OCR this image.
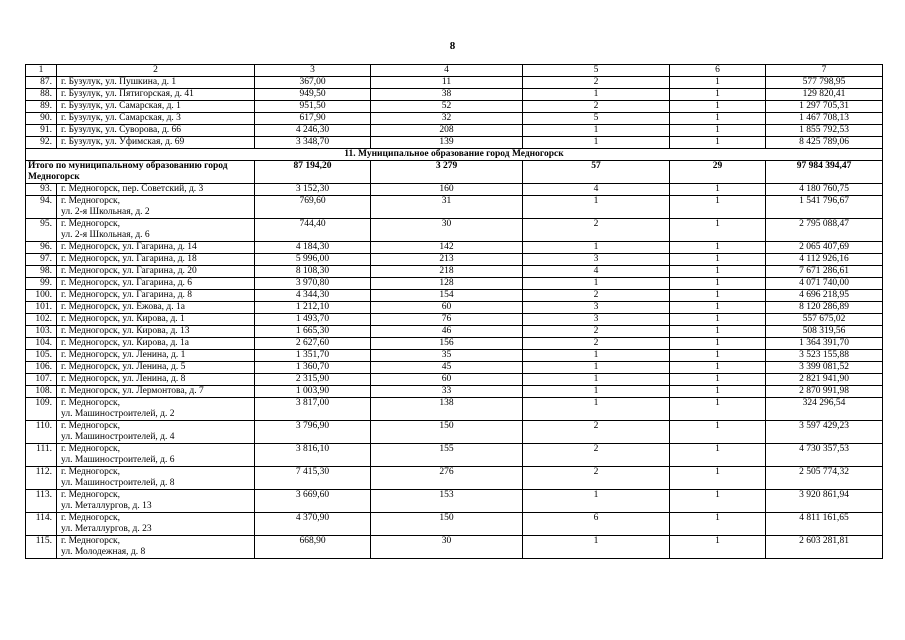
8
1	2	3	4	5	6	7
87.	г. Бузулук, ул. Пушкина, д. 1	367,00	11	2	1	577 798,95
88.	г. Бузулук, ул. Пятигорская, д. 41	949,50	38	1	1	129 820,41
89.	г. Бузулук, ул. Самарская, д. 1	951,50	52	2	1	1 297 705,31
90.	г. Бузулук, ул. Самарская, д. 3	617,90	32	5	1	1 467 708,13
91.	г. Бузулук, ул. Суворова, д. 66	4 246,30	208	1	1	1 855 792,53
92.	г. Бузулук, ул. Уфимская, д. 69	3 348,70	139	1	1	8 425 789,06
11. Муниципальное образование город Медногорск						
Итого по муниципальному образованию город Медногорск		87 194,20	3 279	57	29	97 984 394,47
93.	г. Медногорск, пер. Советский, д. 3	3 152,30	160	4	1	4 180 760,75
94.	г. Медногорск,
ул. 2-я Школьная, д. 2	769,60	31	1	1	1 541 796,67
95.	г. Медногорск,
ул. 2-я Школьная, д. 6	744,40	30	2	1	2 795 088,47
96.	г. Медногорск, ул. Гагарина, д. 14	4 184,30	142	1	1	2 065 407,69
97.	г. Медногорск, ул. Гагарина, д. 18	5 996,00	213	3	1	4 112 926,16
98.	г. Медногорск, ул. Гагарина, д. 20	8 108,30	218	4	1	7 671 286,61
99.	г. Медногорск, ул. Гагарина, д. 6	3 970,80	128	1	1	4 071 740,00
100.	г. Медногорск, ул. Гагарина, д. 8	4 344,30	154	2	1	4 696 218,95
101.	г. Медногорск, ул. Ежова, д. 1а	1 212,10	60	3	1	8 120 286,89
102.	г. Медногорск, ул. Кирова, д. 1	1 493,70	76	3	1	557 675,02
103.	г. Медногорск, ул. Кирова, д. 13	1 665,30	46	2	1	508 319,56
104.	г. Медногорск, ул. Кирова, д. 1а	2 627,60	156	2	1	1 364 391,70
105.	г. Медногорск, ул. Ленина, д. 1	1 351,70	35	1	1	3 523 155,88
106.	г. Медногорск, ул. Ленина, д. 5	1 360,70	45	1	1	3 399 081,52
107.	г. Медногорск, ул. Ленина, д. 8	2 315,90	60	1	1	2 821 941,90
108.	г. Медногорск, ул. Лермонтова, д. 7	1 003,90	33	1	1	2 870 991,98
109.	г. Медногорск,
ул. Машиностроителей, д. 2	3 817,00	138	1	1	324 296,54
110.	г. Медногорск,
ул. Машиностроителей, д. 4	3 796,90	150	2	1	3 597 429,23
111.	г. Медногорск,
ул. Машиностроителей, д. 6	3 816,10	155	2	1	4 730 357,53
112.	г. Медногорск,
ул. Машиностроителей, д. 8	7 415,30	276	2	1	2 505 774,32
113.	г. Медногорск,
ул. Металлургов, д. 13	3 669,60	153	1	1	3 920 861,94
114.	г. Медногорск,
ул. Металлургов, д. 23	4 370,90	150	6	1	4 811 161,65
115.	г. Медногорск,
ул. Молодежная, д. 8	668,90	30	1	1	2 603 281,81
